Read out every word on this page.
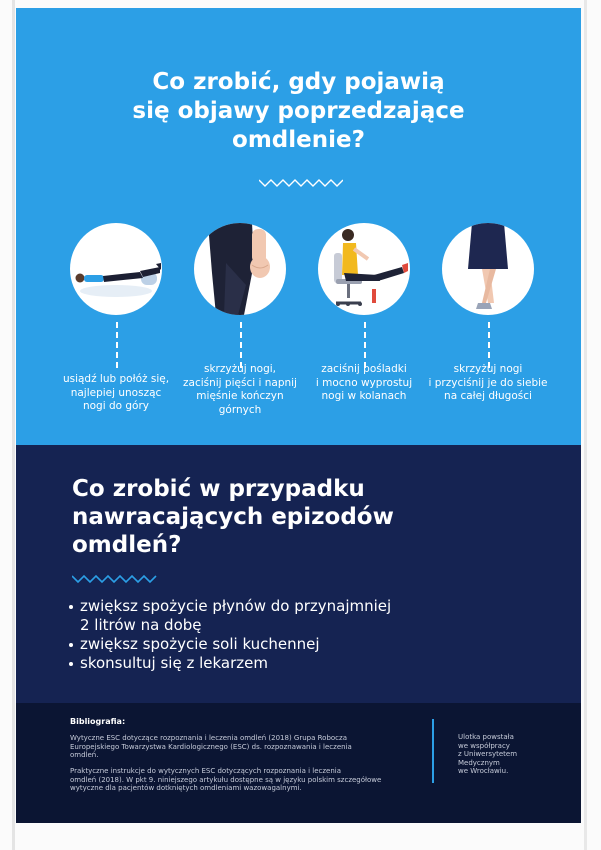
Co zrobić, gdy pojawią
się objawy poprzedzające
omdlenie?
usiądź lub połóż się,
najlepiej unosząc
nogi do góry
skrzyżuj nogi,
zaciśnij pięści i napnij
mięśnie kończyn
górnych
zaciśnij pośladki
i mocno wyprostuj
nogi w kolanach
skrzyżuj nogi
i przyciśnij je do siebie
na całej długości
Co zrobić w przypadku
nawracających epizodów
omdleń?
zwiększ spożycie płynów do przynajmniej
2 litrów na dobę
zwiększ spożycie soli kuchennej
skonsultuj się z lekarzem
Bibliografia:
Wytyczne ESC dotyczące rozpoznania i leczenia omdleń (2018) Grupa Robocza
Europejskiego Towarzystwa Kardiologicznego (ESC) ds. rozpoznawania i leczenia
omdleń.
Praktyczne instrukcje do wytycznych ESC dotyczących rozpoznania i leczenia
omdleń (2018). W pkt 9. niniejszego artykułu dostępne są w języku polskim szczegółowe
wytyczne dla pacjentów dotkniętych omdleniami wazowagalnymi.
Ulotka powstała
we współpracy
z Uniwersytetem
Medycznym
we Wrocławiu.
